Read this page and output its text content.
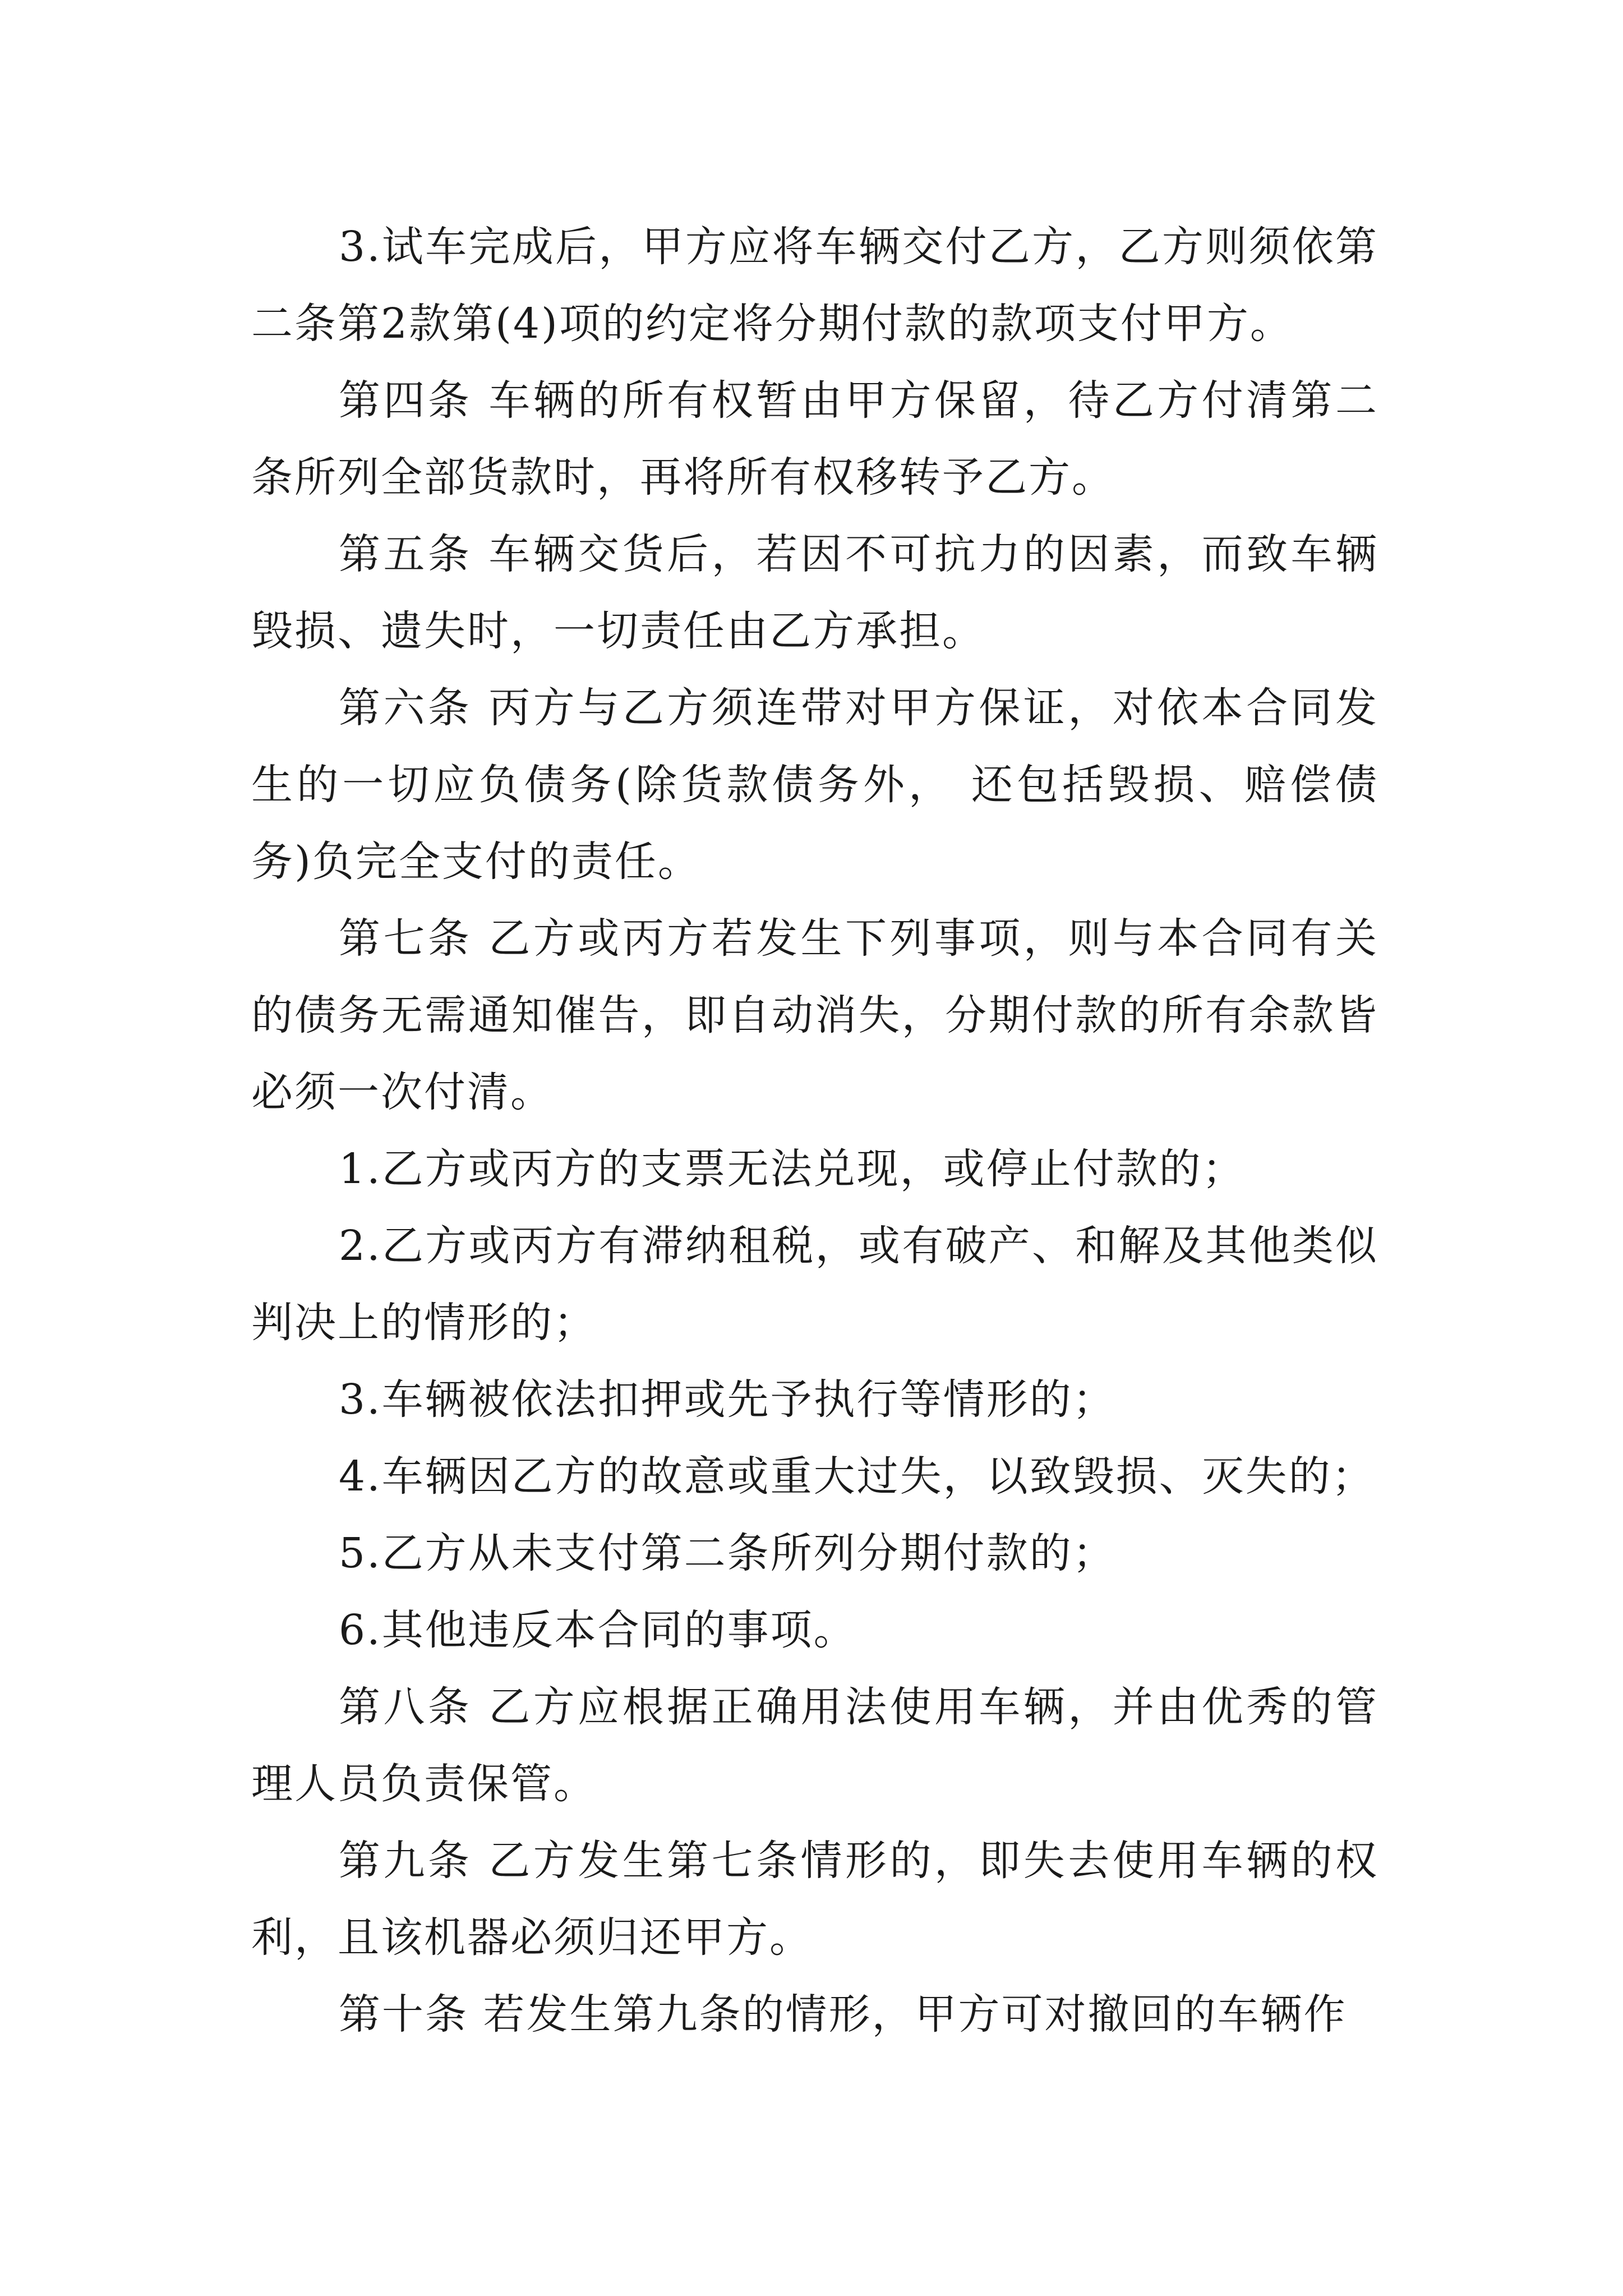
3.试车完成后，甲方应将车辆交付乙方，乙方则须依第二条第2款第(4)项的约定将分期付款的款项支付甲方。

第四条 车辆的所有权暂由甲方保留，待乙方付清第二条所列全部货款时，再将所有权移转予乙方。

第五条 车辆交货后，若因不可抗力的因素，而致车辆毁损、遗失时，一切责任由乙方承担。

第六条 丙方与乙方须连带对甲方保证，对依本合同发生的一切应负债务(除货款债务外， 还包括毁损、赔偿债务)负完全支付的责任。

第七条 乙方或丙方若发生下列事项，则与本合同有关的债务无需通知催告，即自动消失，分期付款的所有余款皆必须一次付清。

1.乙方或丙方的支票无法兑现，或停止付款的；

2.乙方或丙方有滞纳租税，或有破产、和解及其他类似判决上的情形的；

3.车辆被依法扣押或先予执行等情形的；

4.车辆因乙方的故意或重大过失，以致毁损、灭失的；

5.乙方从未支付第二条所列分期付款的；

6.其他违反本合同的事项。

第八条 乙方应根据正确用法使用车辆，并由优秀的管理人员负责保管。

第九条 乙方发生第七条情形的，即失去使用车辆的权利，且该机器必须归还甲方。

第十条 若发生第九条的情形，甲方可对撤回的车辆作
